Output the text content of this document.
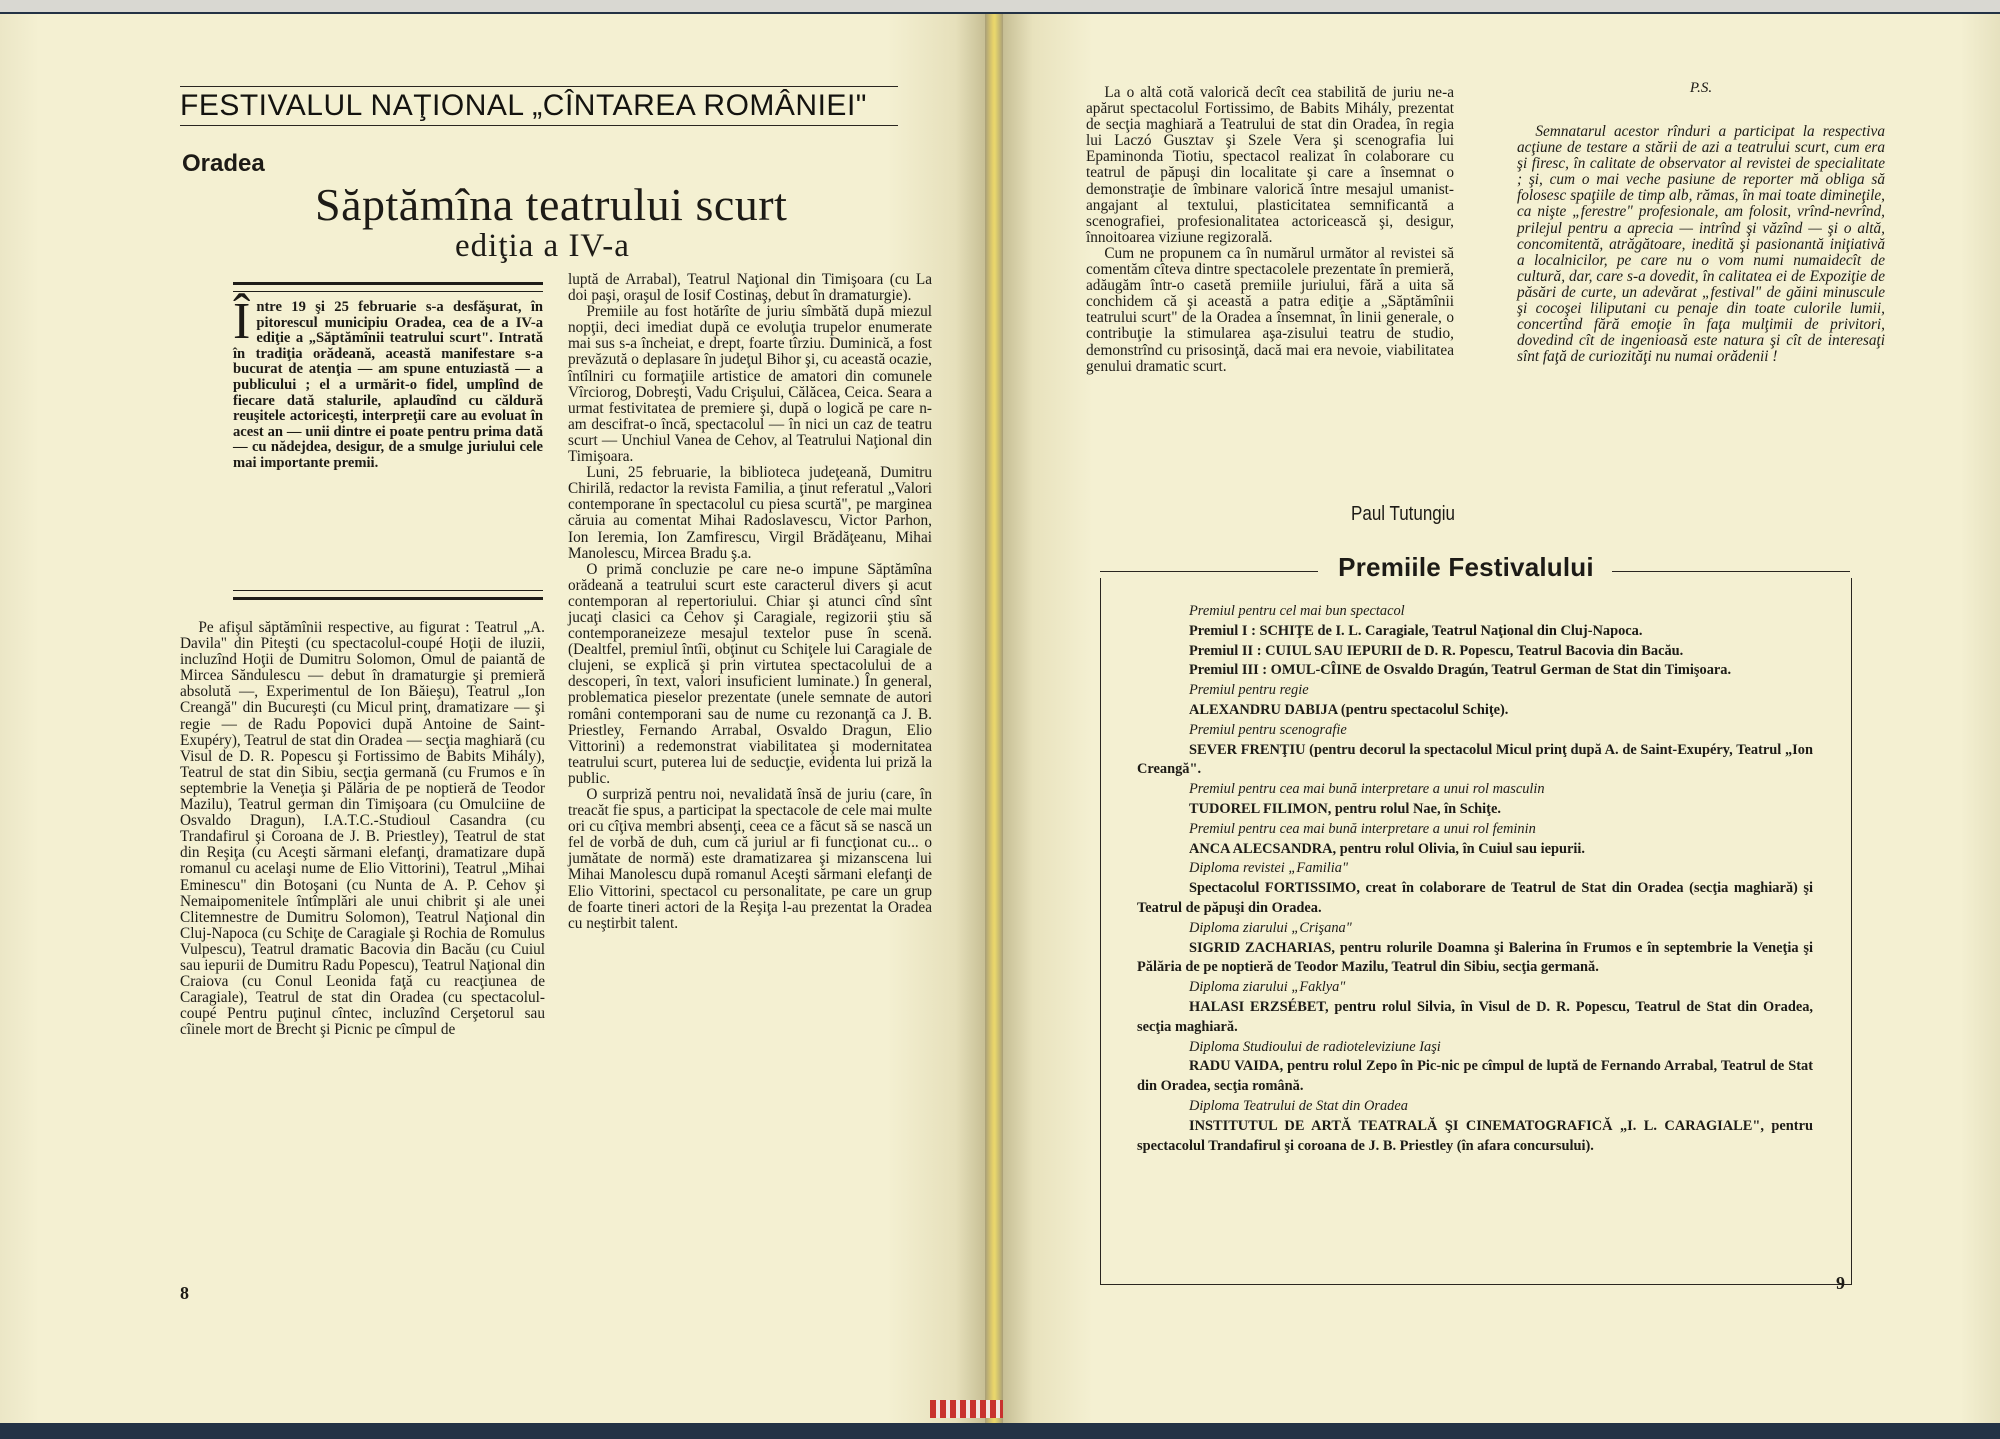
FESTIVALUL NAŢIONAL „CÎNTAREA ROMÂNIEI"
Oradea
Săptămîna teatrului scurt
ediţia a IV-a
Între 19 şi 25 februarie s-a desfăşurat, în pitorescul municipiu Oradea, cea de a IV-a ediţie a „Săptămînii teatrului scurt". Intrată în tradiţia orădeană, această manifestare s-a bucurat de atenţia — am spune entuziastă — a publicului ; el a urmărit-o fidel, umplînd de fiecare dată stalurile, aplaudînd cu căldură reuşitele actoriceşti, interpreţii care au evoluat în acest an — unii dintre ei poate pentru prima dată — cu nădejdea, desigur, de a smulge juriului cele mai importante premii.

Pe afişul săptămînii respective, au figurat : Teatrul „A. Davila" din Piteşti (cu spectacolul-coupé Hoţii de iluzii, incluzînd Hoţii de Dumitru Solomon, Omul de paiantă de Mircea Săndulescu — debut în dramaturgie şi premieră absolută —, Experimentul de Ion Băieşu), Teatrul „Ion Creangă" din Bucureşti (cu Micul prinţ, dramatizare — şi regie — de Radu Popovici după Antoine de Saint-Exupéry), Teatrul de stat din Oradea — secţia maghiară (cu Visul de D. R. Popescu şi Fortissimo de Babits Mihály), Teatrul de stat din Sibiu, secţia germană (cu Frumos e în septembrie la Veneţia şi Pălăria de pe noptieră de Teodor Mazilu), Teatrul german din Timişoara (cu Omulciine de Osvaldo Dragun), I.A.T.C.-Studioul Casandra (cu Trandafirul şi Coroana de J. B. Priestley), Teatrul de stat din Reşiţa (cu Aceşti sărmani elefanţi, dramatizare după romanul cu acelaşi nume de Elio Vittorini), Teatrul „Mihai Eminescu" din Botoşani (cu Nunta de A. P. Cehov şi Nemaipomenitele întîmplări ale unui chibrit şi ale unei Clitemnestre de Dumitru Solomon), Teatrul Naţional din Cluj-Napoca (cu Schiţe de Caragiale şi Rochia de Romulus Vulpescu), Teatrul dramatic Bacovia din Bacău (cu Cuiul sau iepurii de Dumitru Radu Popescu), Teatrul Naţional din Craiova (cu Conul Leonida faţă cu reacţiunea de Caragiale), Teatrul de stat din Oradea (cu spectacolul-coupé Pentru puţinul cîntec, incluzînd Cerşetorul sau cîinele mort de Brecht şi Picnic pe cîmpul de

luptă de Arrabal), Teatrul Naţional din Timişoara (cu La doi paşi, oraşul de Iosif Costinaş, debut în dramaturgie).

Premiile au fost hotărîte de juriu sîmbătă după miezul nopţii, deci imediat după ce evoluţia trupelor enumerate mai sus s-a încheiat, e drept, foarte tîrziu. Duminică, a fost prevăzută o deplasare în judeţul Bihor şi, cu această ocazie, întîlniri cu formaţiile artistice de amatori din comunele Vîrciorog, Dobreşti, Vadu Crişului, Călăcea, Ceica. Seara a urmat festivitatea de premiere şi, după o logică pe care n-am descifrat-o încă, spectacolul — în nici un caz de teatru scurt — Unchiul Vanea de Cehov, al Teatrului Naţional din Timişoara.

Luni, 25 februarie, la biblioteca judeţeană, Dumitru Chirilă, redactor la revista Familia, a ţinut referatul „Valori contemporane în spectacolul cu piesa scurtă", pe marginea căruia au comentat Mihai Radoslavescu, Victor Parhon, Ion Ieremia, Ion Zamfirescu, Virgil Brădăţeanu, Mihai Manolescu, Mircea Bradu ş.a.

O primă concluzie pe care ne-o impune Săptămîna orădeană a teatrului scurt este caracterul divers şi acut contemporan al repertoriului. Chiar şi atunci cînd sînt jucaţi clasici ca Cehov şi Caragiale, regizorii ştiu să contemporaneizeze mesajul textelor puse în scenă. (Dealtfel, premiul întîi, obţinut cu Schiţele lui Caragiale de clujeni, se explică şi prin virtutea spectacolului de a descoperi, în text, valori insuficient luminate.) În general, problematica pieselor prezentate (unele semnate de autori români contemporani sau de nume cu rezonanţă ca J. B. Priestley, Fernando Arrabal, Osvaldo Dragun, Elio Vittorini) a redemonstrat viabilitatea şi modernitatea teatrului scurt, puterea lui de seducţie, evidenta lui priză la public.

O surpriză pentru noi, nevalidată însă de juriu (care, în treacăt fie spus, a participat la spectacole de cele mai multe ori cu cîţiva membri absenţi, ceea ce a făcut să se nască un fel de vorbă de duh, cum că juriul ar fi funcţionat cu... o jumătate de normă) este dramatizarea şi mizanscena lui Mihai Manolescu după romanul Aceşti sărmani elefanţi de Elio Vittorini, spectacol cu personalitate, pe care un grup de foarte tineri actori de la Reşiţa l-au prezentat la Oradea cu neştirbit talent.

8

La o altă cotă valorică decît cea stabilită de juriu ne-a apărut spectacolul Fortissimo, de Babits Mihály, prezentat de secţia maghiară a Teatrului de stat din Oradea, în regia lui Laczó Gusztav şi Szele Vera şi scenografia lui Epaminonda Tiotiu, spectacol realizat în colaborare cu teatrul de păpuşi din localitate şi care a însemnat o demonstraţie de îmbinare valorică între mesajul umanist-angajant al textului, plasticitatea semnificantă a scenografiei, profesionalitatea actoricească şi, desigur, înnoitoarea viziune regizorală.

Cum ne propunem ca în numărul următor al revistei să comentăm cîteva dintre spectacolele prezentate în premieră, adăugăm într-o casetă premiile juriului, fără a uita să conchidem că şi această a patra ediţie a „Săptămînii teatrului scurt" de la Oradea a însemnat, în linii generale, o contribuţie la stimularea aşa-zisului teatru de studio, demonstrînd cu prisosinţă, dacă mai era nevoie, viabilitatea genului dramatic scurt.

Paul Tutungiu
P.S.

Semnatarul acestor rînduri a participat la respectiva acţiune de testare a stării de azi a teatrului scurt, cum era şi firesc, în calitate de observator al revistei de specialitate ; şi, cum o mai veche pasiune de reporter mă obliga să folosesc spaţiile de timp alb, rămas, în mai toate dimineţile, ca nişte „ferestre" profesionale, am folosit, vrînd-nevrînd, prilejul pentru a aprecia — intrînd şi văzînd — şi o altă, concomitentă, atrăgătoare, inedită şi pasionantă iniţiativă a localnicilor, pe care nu o vom numi numaidecît de cultură, dar, care s-a dovedit, în calitatea ei de Expoziţie de păsări de curte, un adevărat „festival" de găini minuscule şi cocoşei liliputani cu penaje din toate culorile lumii, concertînd fără emoţie în faţa mulţimii de privitori, dovedind cît de ingenioasă este natura şi cît de interesaţi sînt faţă de curiozităţi nu numai orădenii !

Premiile Festivalului

Premiul pentru cel mai bun spectacol

Premiul I : SCHIŢE de I. L. Caragiale, Teatrul Naţional din Cluj-Napoca.

Premiul II : CUIUL SAU IEPURII de D. R. Popescu, Teatrul Bacovia din Bacău.

Premiul III : OMUL-CÎINE de Osvaldo Dragún, Teatrul German de Stat din Timişoara.

Premiul pentru regie

ALEXANDRU DABIJA (pentru spectacolul Schiţe).

Premiul pentru scenografie

SEVER FRENŢIU (pentru decorul la spectacolul Micul prinţ după A. de Saint-Exupéry, Teatrul „Ion Creangă".

Premiul pentru cea mai bună interpretare a unui rol masculin

TUDOREL FILIMON, pentru rolul Nae, în Schiţe.

Premiul pentru cea mai bună interpretare a unui rol feminin

ANCA ALECSANDRA, pentru rolul Olivia, în Cuiul sau iepurii.

Diploma revistei „Familia"

Spectacolul FORTISSIMO, creat în colaborare de Teatrul de Stat din Oradea (secţia maghiară) şi Teatrul de păpuşi din Oradea.

Diploma ziarului „Crişana"

SIGRID ZACHARIAS, pentru rolurile Doamna şi Balerina în Frumos e în septembrie la Veneţia şi Pălăria de pe noptieră de Teodor Mazilu, Teatrul din Sibiu, secţia germană.

Diploma ziarului „Faklya"

HALASI ERZSÉBET, pentru rolul Silvia, în Visul de D. R. Popescu, Teatrul de Stat din Oradea, secţia maghiară.

Diploma Studioului de radioteleviziune Iaşi

RADU VAIDA, pentru rolul Zepo în Pic-nic pe cîmpul de luptă de Fernando Arrabal, Teatrul de Stat din Oradea, secţia română.

Diploma Teatrului de Stat din Oradea

INSTITUTUL DE ARTĂ TEATRALĂ ŞI CINEMATOGRAFICĂ „I. L. CARAGIALE", pentru spectacolul Trandafirul şi coroana de J. B. Priestley (în afara concursului).

9
